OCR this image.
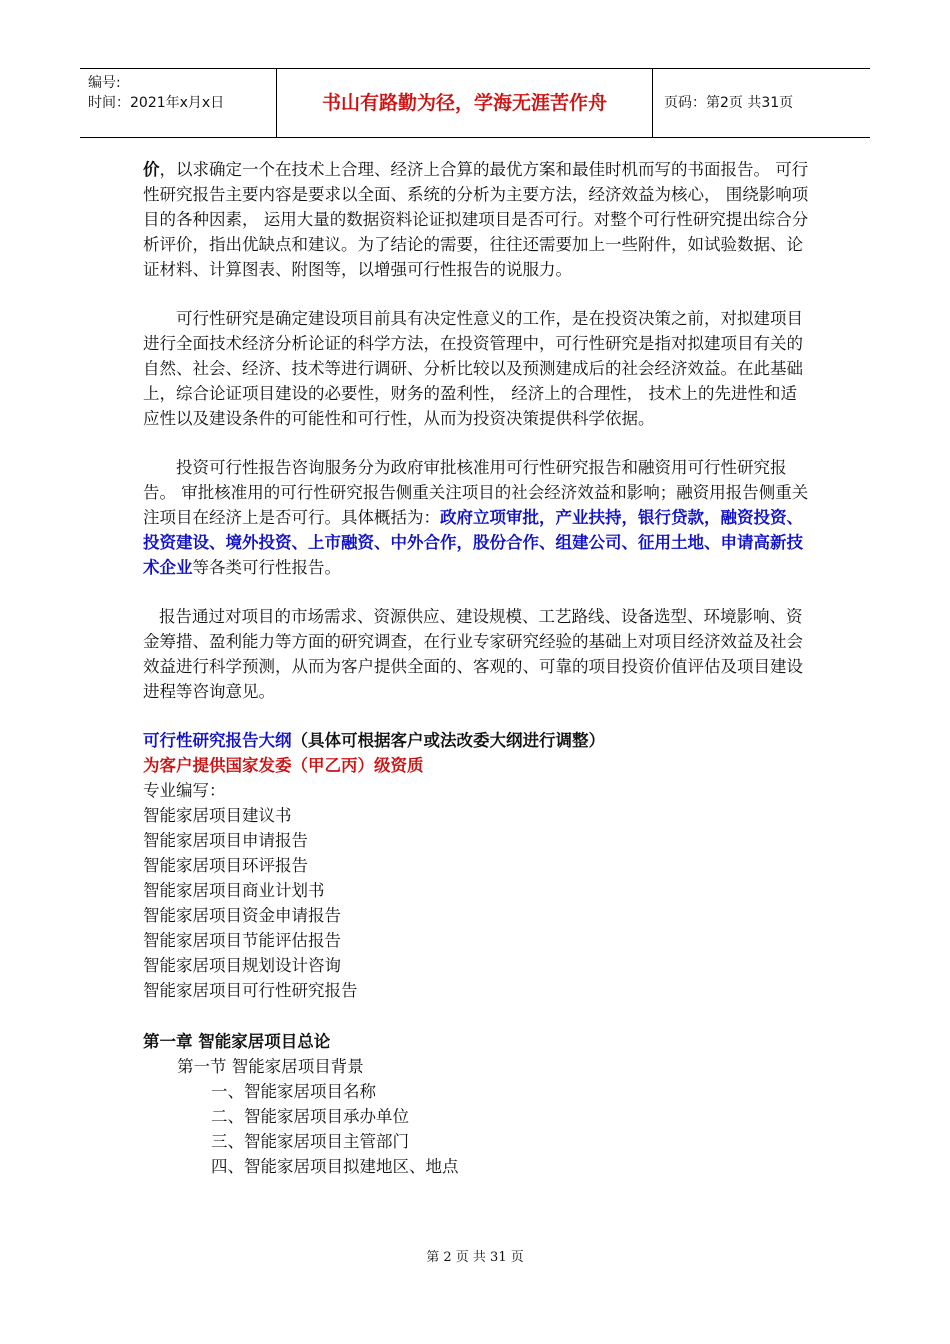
编号:
时间：2021年x月x日	书山有路勤为径，学海无涯苦作舟	页码：第2页 共31页

价，以求确定一个在技术上合理、经济上合算的最优方案和最佳时机而写的书面报告。 可行性研究报告主要内容是要求以全面、系统的分析为主要方法，经济效益为核心， 围绕影响项目的各种因素， 运用大量的数据资料论证拟建项目是否可行。对整个可行性研究提出综合分析评价，指出优缺点和建议。为了结论的需要，往往还需要加上一些附件，如试验数据、论证材料、计算图表、附图等，以增强可行性报告的说服力。

可行性研究是确定建设项目前具有决定性意义的工作，是在投资决策之前，对拟建项目进行全面技术经济分析论证的科学方法，在投资管理中，可行性研究是指对拟建项目有关的自然、社会、经济、技术等进行调研、分析比较以及预测建成后的社会经济效益。在此基础上，综合论证项目建设的必要性，财务的盈利性， 经济上的合理性， 技术上的先进性和适应性以及建设条件的可能性和可行性，从而为投资决策提供科学依据。

投资可行性报告咨询服务分为政府审批核准用可行性研究报告和融资用可行性研究报告。 审批核准用的可行性研究报告侧重关注项目的社会经济效益和影响；融资用报告侧重关注项目在经济上是否可行。具体概括为：政府立项审批，产业扶持，银行贷款，融资投资、投资建设、境外投资、上市融资、中外合作，股份合作、组建公司、征用土地、申请高新技术企业等各类可行性报告。

报告通过对项目的市场需求、资源供应、建设规模、工艺路线、设备选型、环境影响、资金筹措、盈利能力等方面的研究调查，在行业专家研究经验的基础上对项目经济效益及社会效益进行科学预测，从而为客户提供全面的、客观的、可靠的项目投资价值评估及项目建设进程等咨询意见。

可行性研究报告大纲（具体可根据客户或法改委大纲进行调整）

为客户提供国家发委（甲乙丙）级资质

专业编写：

智能家居项目建议书

智能家居项目申请报告

智能家居项目环评报告

智能家居项目商业计划书

智能家居项目资金申请报告

智能家居项目节能评估报告

智能家居项目规划设计咨询

智能家居项目可行性研究报告

第一章 智能家居项目总论

第一节 智能家居项目背景

一、智能家居项目名称

二、智能家居项目承办单位

三、智能家居项目主管部门

四、智能家居项目拟建地区、地点

第 2 页 共 31 页
